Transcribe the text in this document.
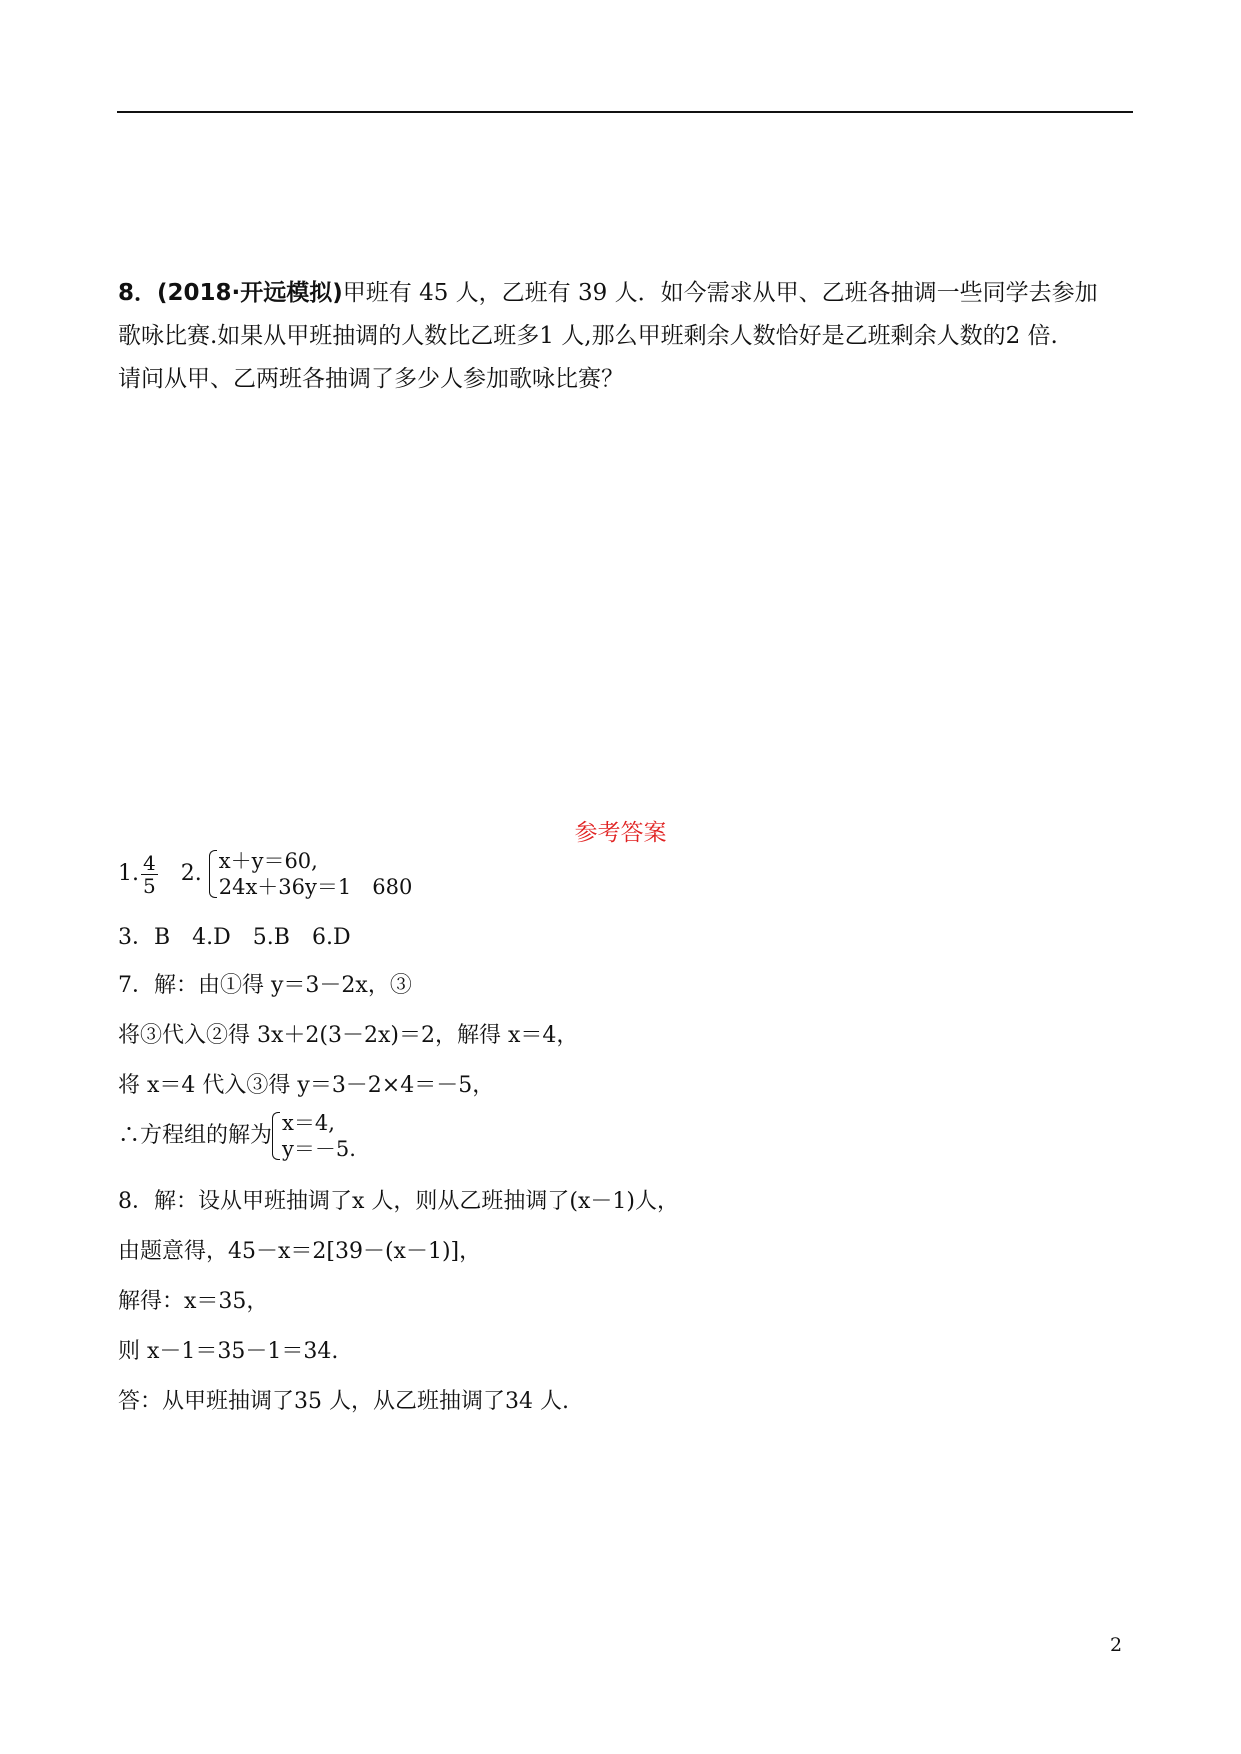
8．(2018·开远模拟)甲班有 45 人，乙班有 39 人．如今需求从甲、乙班各抽调一些同学去参加
歌咏比赛.如果从甲班抽调的人数比乙班多1 人,那么甲班剩余人数恰好是乙班剩余人数的2 倍.
请问从甲、乙两班各抽调了多少人参加歌咏比赛？
参考答案
1. $\frac{4}{5} 2$. x＋y＝60,
24x＋36y＝1　680
3．B　4.D　5.B　6.D
7．解：由①得 y＝3－2x，③
将③代入②得 3x＋2(3－2x)＝2，解得 x＝4，
将 x＝4 代入③得 y＝3－2×4＝－5，
∴方程组的解为 x＝4,
y＝－5.
8．解：设从甲班抽调了x 人，则从乙班抽调了(x－1)人，
由题意得，45－x＝2[39－(x－1)]，
解得：x＝35，
则 x－1＝35－1＝34.
答：从甲班抽调了35 人，从乙班抽调了34 人.
2
